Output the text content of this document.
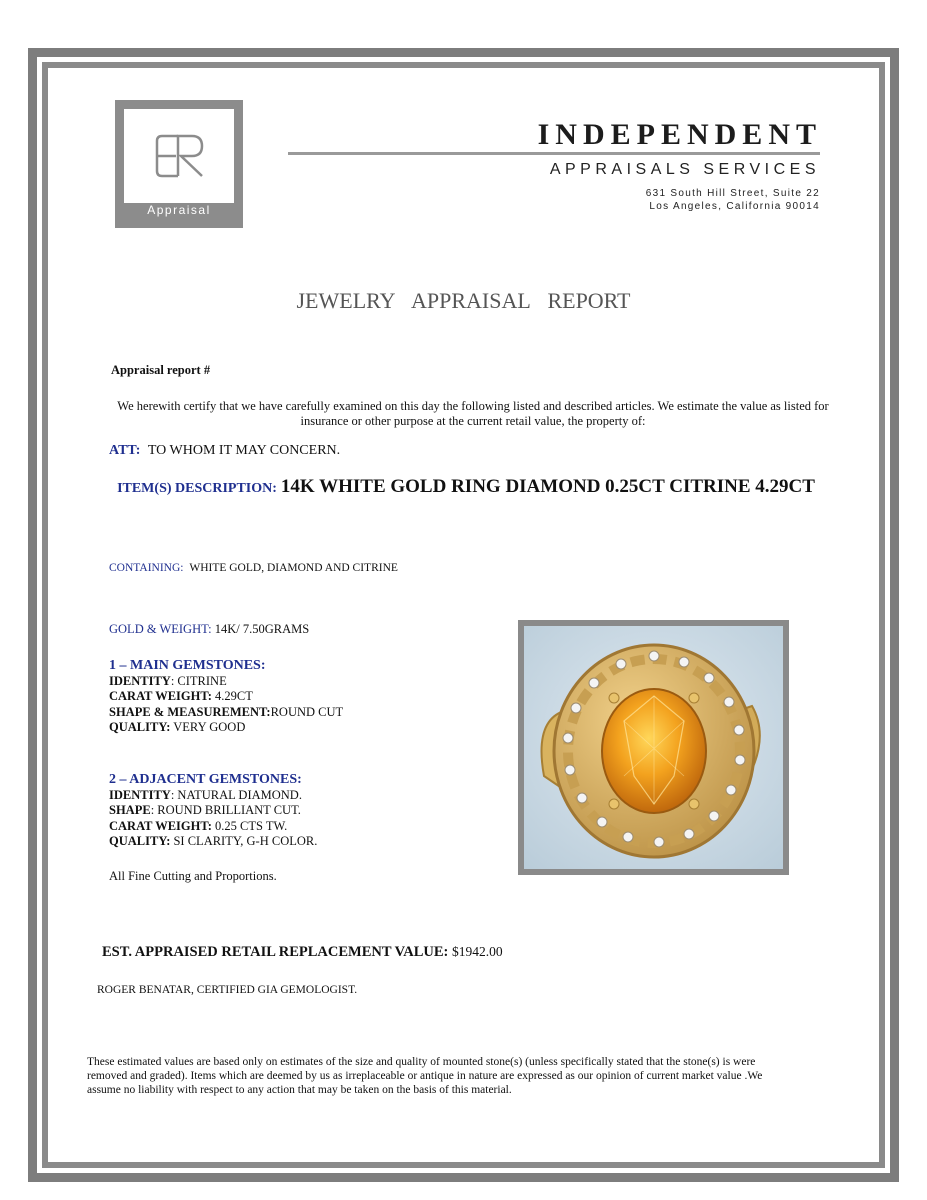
Appraisal
INDEPENDENT
APPRAISALS SERVICES
631 South Hill Street, Suite 22
Los Angeles, California 90014
JEWELRY APPRAISAL REPORT
Appraisal report #
We herewith certify that we have carefully examined on this day the following listed and described articles. We estimate the value as listed for insurance or other purpose at the current retail value, the property of:
ATT: TO WHOM IT MAY CONCERN.
ITEM(S) DESCRIPTION: 14K WHITE GOLD RING DIAMOND 0.25CT CITRINE 4.29CT
CONTAINING: WHITE GOLD, DIAMOND AND CITRINE
GOLD & WEIGHT: 14K/ 7.50GRAMS
1 – MAIN GEMSTONES:
IDENTITY: CITRINE
CARAT WEIGHT: 4.29CT
SHAPE & MEASUREMENT:ROUND CUT
QUALITY: VERY GOOD
2 – ADJACENT GEMSTONES:
IDENTITY: NATURAL DIAMOND.
SHAPE: ROUND BRILLIANT CUT.
CARAT WEIGHT: 0.25 CTS TW.
QUALITY: SI CLARITY, G-H COLOR.
All Fine Cutting and Proportions.
EST. APPRAISED RETAIL REPLACEMENT VALUE: $1942.00
ROGER BENATAR, CERTIFIED GIA GEMOLOGIST.
These estimated values are based only on estimates of the size and quality of mounted stone(s) (unless specifically stated that the stone(s) is were removed and graded). Items which are deemed by us as irreplaceable or antique in nature are expressed as our opinion of current market value .We assume no liability with respect to any action that may be taken on the basis of this material.
